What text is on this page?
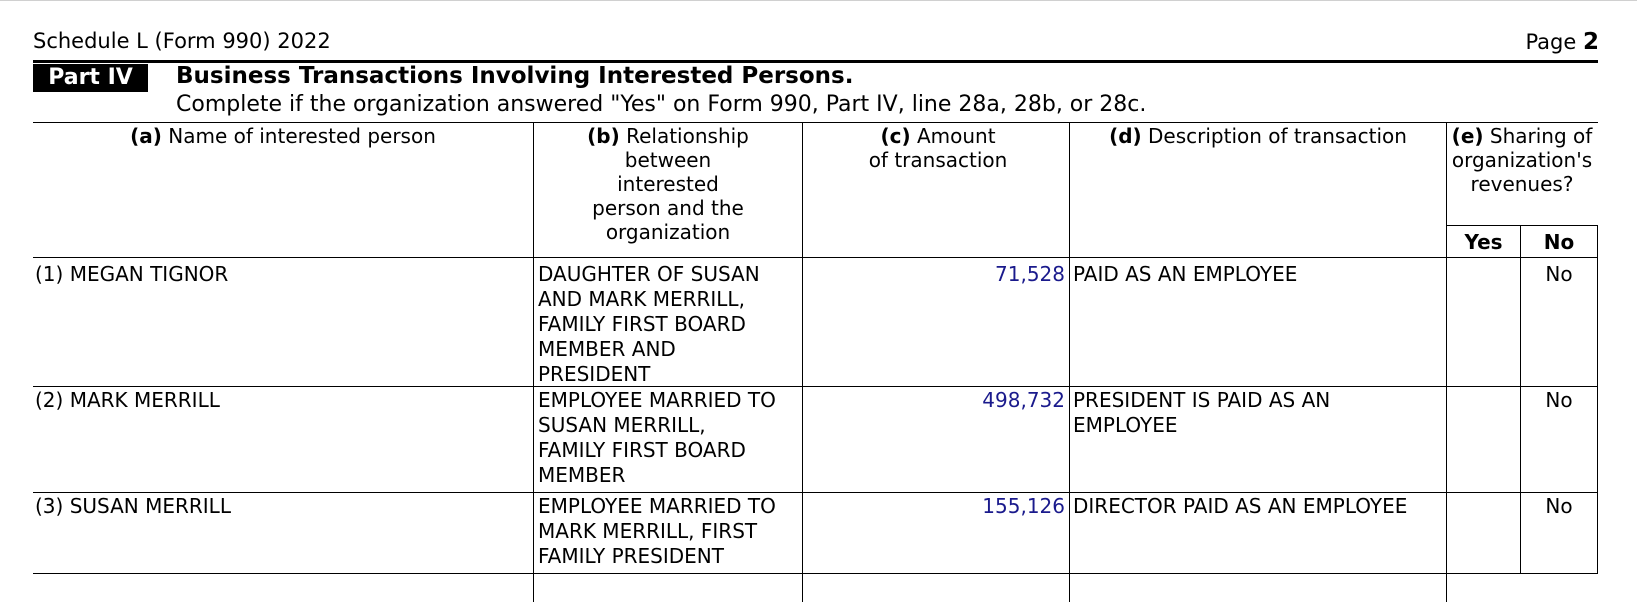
Schedule L (Form 990) 2022	Page 2
Part IV	Business Transactions Involving Interested Persons.
Complete if the organization answered "Yes" on Form 990, Part IV, line 28a, 28b, or 28c.
(a) Name of interested person	(b) Relationship between interested person and the organization
(c) Amount of transaction
(d) Description of transaction	(e) Sharing of organization's revenues?
Yes	No
(1) MEGAN TIGNOR	DAUGHTER OF SUSAN
AND MARK MERRILL,
FAMILY FIRST BOARD
MEMBER AND
PRESIDENT
71,528 PAID AS AN EMPLOYEE	No
(2) MARK MERRILL	EMPLOYEE MARRIED TO
SUSAN MERRILL,
FAMILY FIRST BOARD
MEMBER
498,732 PRESIDENT IS PAID AS AN
EMPLOYEE
No
(3) SUSAN MERRILL	EMPLOYEE MARRIED TO
MARK MERRILL, FIRST
FAMILY PRESIDENT
155,126 DIRECTOR PAID AS AN EMPLOYEE	No
